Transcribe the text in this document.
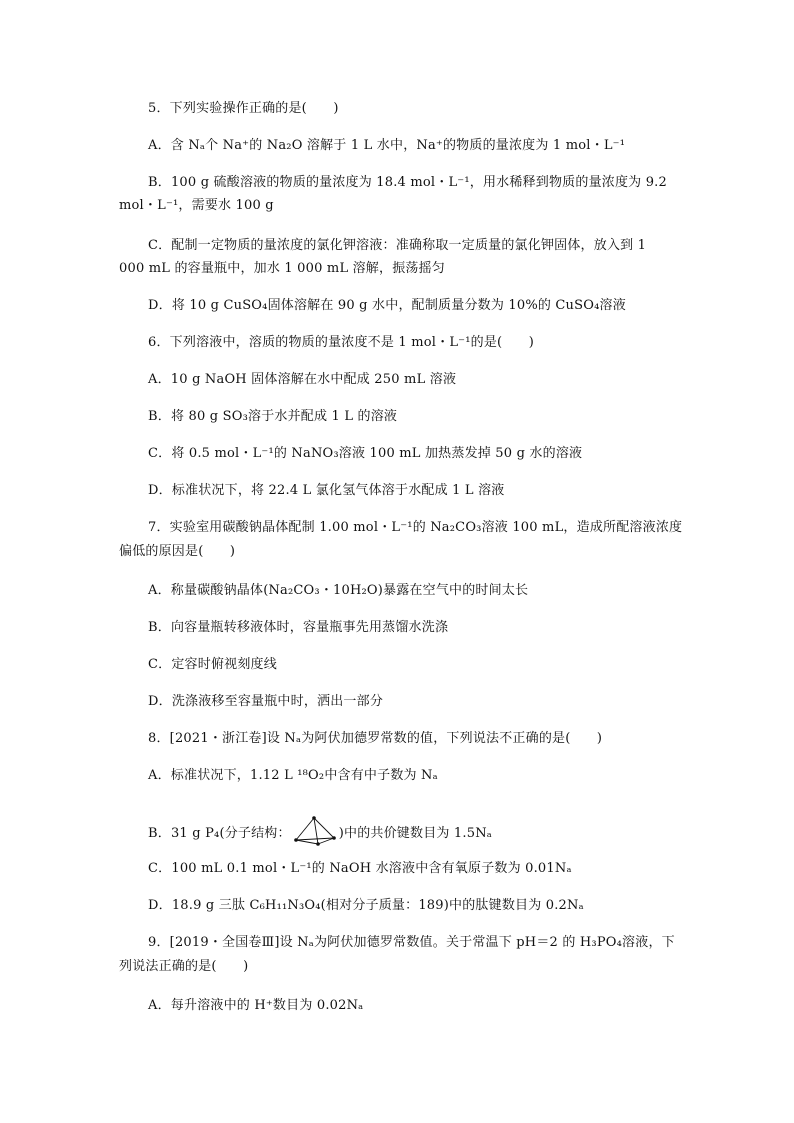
5．下列实验操作正确的是(　　)
A．含 Nₐ个 Na⁺的 Na₂O 溶解于 1 L 水中，Na⁺的物质的量浓度为 1 mol・L⁻¹
B．100 g 硫酸溶液的物质的量浓度为 18.4 mol・L⁻¹，用水稀释到物质的量浓度为 9.2
mol・L⁻¹，需要水 100 g
C．配制一定物质的量浓度的氯化钾溶液：准确称取一定质量的氯化钾固体，放入到 1
000 mL 的容量瓶中，加水 1 000 mL 溶解，振荡摇匀
D．将 10 g CuSO₄固体溶解在 90 g 水中，配制质量分数为 10%的 CuSO₄溶液
6．下列溶液中，溶质的物质的量浓度不是 1 mol・L⁻¹的是(　　)
A．10 g NaOH 固体溶解在水中配成 250 mL 溶液
B．将 80 g SO₃溶于水并配成 1 L 的溶液
C．将 0.5 mol・L⁻¹的 NaNO₃溶液 100 mL 加热蒸发掉 50 g 水的溶液
D．标准状况下，将 22.4 L 氯化氢气体溶于水配成 1 L 溶液
7．实验室用碳酸钠晶体配制 1.00 mol・L⁻¹的 Na₂CO₃溶液 100 mL，造成所配溶液浓度
偏低的原因是(　　)
A．称量碳酸钠晶体(Na₂CO₃・10H₂O)暴露在空气中的时间太长
B．向容量瓶转移液体时，容量瓶事先用蒸馏水洗涤
C．定容时俯视刻度线
D．洗涤液移至容量瓶中时，洒出一部分
8．[2021・浙江卷]设 Nₐ为阿伏加德罗常数的值，下列说法不正确的是(　　)
A．标准状况下，1.12 L ¹⁸O₂中含有中子数为 Nₐ
B．31 g P₄(分子结构：	)中的共价键数目为 1.5Nₐ
C．100 mL 0.1 mol・L⁻¹的 NaOH 水溶液中含有氧原子数为 0.01Nₐ
D．18.9 g 三肽 C₆H₁₁N₃O₄(相对分子质量：189)中的肽键数目为 0.2Nₐ
9．[2019・全国卷Ⅲ]设 Nₐ为阿伏加德罗常数值。关于常温下 pH＝2 的 H₃PO₄溶液，下
列说法正确的是(　　)
A．每升溶液中的 H⁺数目为 0.02Nₐ
